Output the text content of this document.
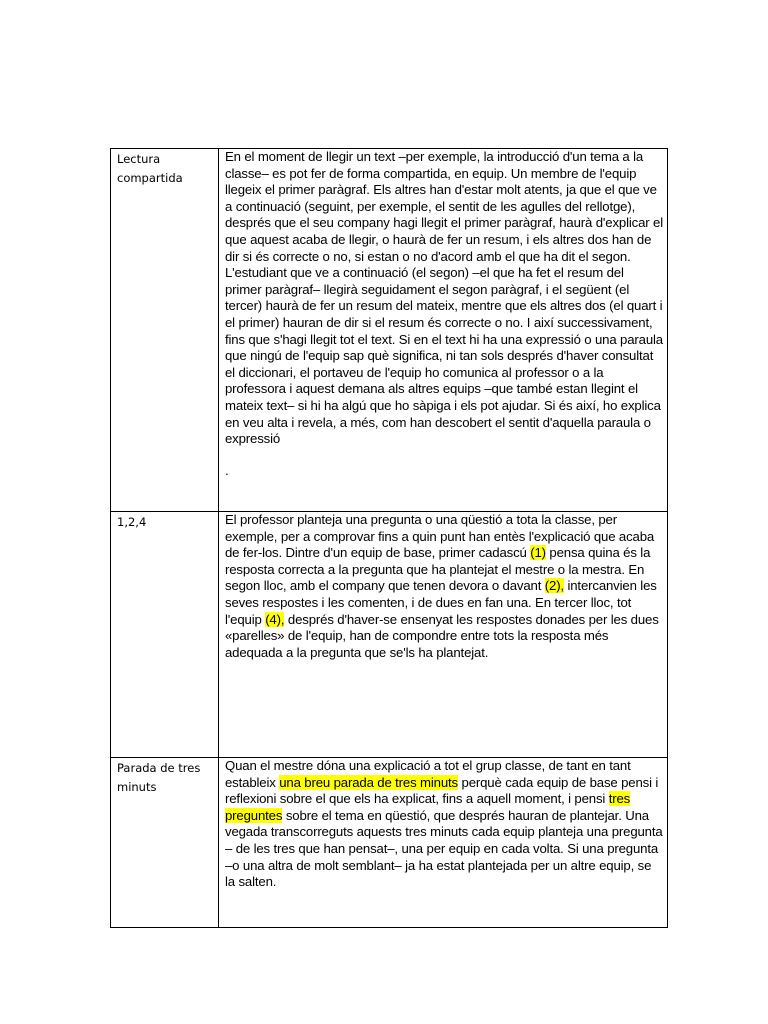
Lectura compartida	En el moment de llegir un text –per exemple, la introducció d'un tema a la classe– es pot fer de forma compartida, en equip. Un membre de l'equip llegeix el primer paràgraf. Els altres han d'estar molt atents, ja que el que ve a continuació (seguint, per exemple, el sentit de les agulles del rellotge), després que el seu company hagi llegit el primer paràgraf, haurà d'explicar el que aquest acaba de llegir, o haurà de fer un resum, i els altres dos han de dir si és correcte o no, si estan o no d'acord amb el que ha dit el segon. L'estudiant que ve a continuació (el segon) –el que ha fet el resum del primer paràgraf– llegirà seguidament el segon paràgraf, i el següent (el tercer) haurà de fer un resum del mateix, mentre que els altres dos (el quart i el primer) hauran de dir si el resum és correcte o no. I així successivament, fins que s'hagi llegit tot el text. Si en el text hi ha una expressió o una paraula que ningú de l'equip sap què significa, ni tan sols després d'haver consultat el diccionari, el portaveu de l'equip ho comunica al professor o a la professora i aquest demana als altres equips –que també estan llegint el mateix text– si hi ha algú que ho sàpiga i els pot ajudar. Si és així, ho explica en veu alta i revela, a més, com han descobert el sentit d'aquella paraula o expressió
.

1,2,4	El professor planteja una pregunta o una qüestió a tota la classe, per exemple, per a comprovar fins a quin punt han entès l'explicació que acaba de fer-los. Dintre d'un equip de base, primer cadascú (1) pensa quina és la resposta correcta a la pregunta que ha plantejat el mestre o la mestra. En segon lloc, amb el company que tenen devora o davant (2), intercanvien les seves respostes i les comenten, i de dues en fan una. En tercer lloc, tot l'equip (4), després d'haver-se ensenyat les respostes donades per les dues «parelles» de l'equip, han de compondre entre tots la resposta més adequada a la pregunta que se'ls ha plantejat.

Parada de tres minuts	Quan el mestre dóna una explicació a tot el grup classe, de tant en tant estableix una breu parada de tres minuts perquè cada equip de base pensi i reflexioni sobre el que els ha explicat, fins a aquell moment, i pensi tres preguntes sobre el tema en qüestió, que després hauran de plantejar. Una vegada transcorreguts aquests tres minuts cada equip planteja una pregunta – de les tres que han pensat–, una per equip en cada volta. Si una pregunta –o una altra de molt semblant– ja ha estat plantejada per un altre equip, se la salten.
